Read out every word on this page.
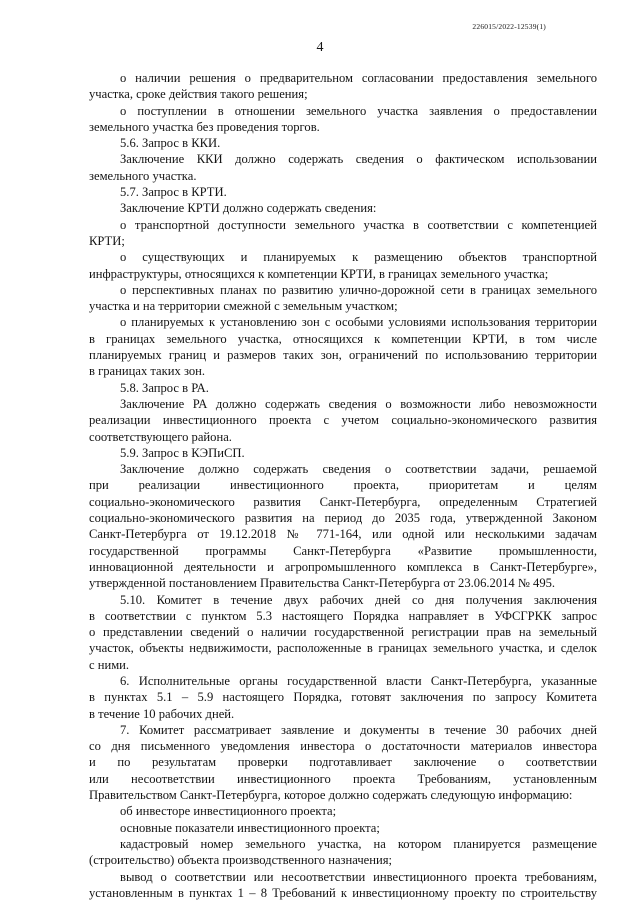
226015/2022-12539(1)
4
о наличии решения о предварительном согласовании предоставления земельного
участка, сроке действия такого решения;
о поступлении в отношении земельного участка заявления о предоставлении
земельного участка без проведения торгов.
5.6. Запрос в ККИ.
Заключение ККИ должно содержать сведения о фактическом использовании
земельного участка.
5.7. Запрос в КРТИ.
Заключение КРТИ должно содержать сведения:
о транспортной доступности земельного участка в соответствии с компетенцией
КРТИ;
о существующих и планируемых к размещению объектов транспортной
инфраструктуры, относящихся к компетенции КРТИ, в границах земельного участка;
о перспективных планах по развитию улично-дорожной сети в границах земельного
участка и на территории смежной с земельным участком;
о планируемых к установлению зон с особыми условиями использования территории
в границах земельного участка, относящихся к компетенции КРТИ, в том числе
планируемых границ и размеров таких зон, ограничений по использованию территории
в границах таких зон.
5.8. Запрос в РА.
Заключение РА должно содержать сведения о возможности либо невозможности
реализации инвестиционного проекта с учетом социально-экономического развития
соответствующего района.
5.9. Запрос в КЭПиСП.
Заключение должно содержать сведения о соответствии задачи, решаемой
при реализации инвестиционного проекта, приоритетам и целям
социально-экономического развития Санкт-Петербурга, определенным Стратегией
социально-экономического развития на период до 2035 года, утвержденной Законом
Санкт-Петербурга от 19.12.2018 № 771-164, или одной или несколькими задачам
государственной программы Санкт-Петербурга «Развитие промышленности,
инновационной деятельности и агропромышленного комплекса в Санкт-Петербурге»,
утвержденной постановлением Правительства Санкт-Петербурга от 23.06.2014 № 495.
5.10. Комитет в течение двух рабочих дней со дня получения заключения
в соответствии с пунктом 5.3 настоящего Порядка направляет в УФСГРКК запрос
о представлении сведений о наличии государственной регистрации прав на земельный
участок, объекты недвижимости, расположенные в границах земельного участка, и сделок
с ними.
6. Исполнительные органы государственной власти Санкт-Петербурга, указанные
в пунктах 5.1 – 5.9 настоящего Порядка, готовят заключения по запросу Комитета
в течение 10 рабочих дней.
7. Комитет рассматривает заявление и документы в течение 30 рабочих дней
со дня письменного уведомления инвестора о достаточности материалов инвестора
и по результатам проверки подготавливает заключение о соответствии
или несоответствии инвестиционного проекта Требованиям, установленным
Правительством Санкт-Петербурга, которое должно содержать следующую информацию:
об инвесторе инвестиционного проекта;
основные показатели инвестиционного проекта;
кадастровый номер земельного участка, на котором планируется размещение
(строительство) объекта производственного назначения;
вывод о соответствии или несоответствии инвестиционного проекта требованиям,
установленным в пунктах 1 – 8 Требований к инвестиционному проекту по строительству
